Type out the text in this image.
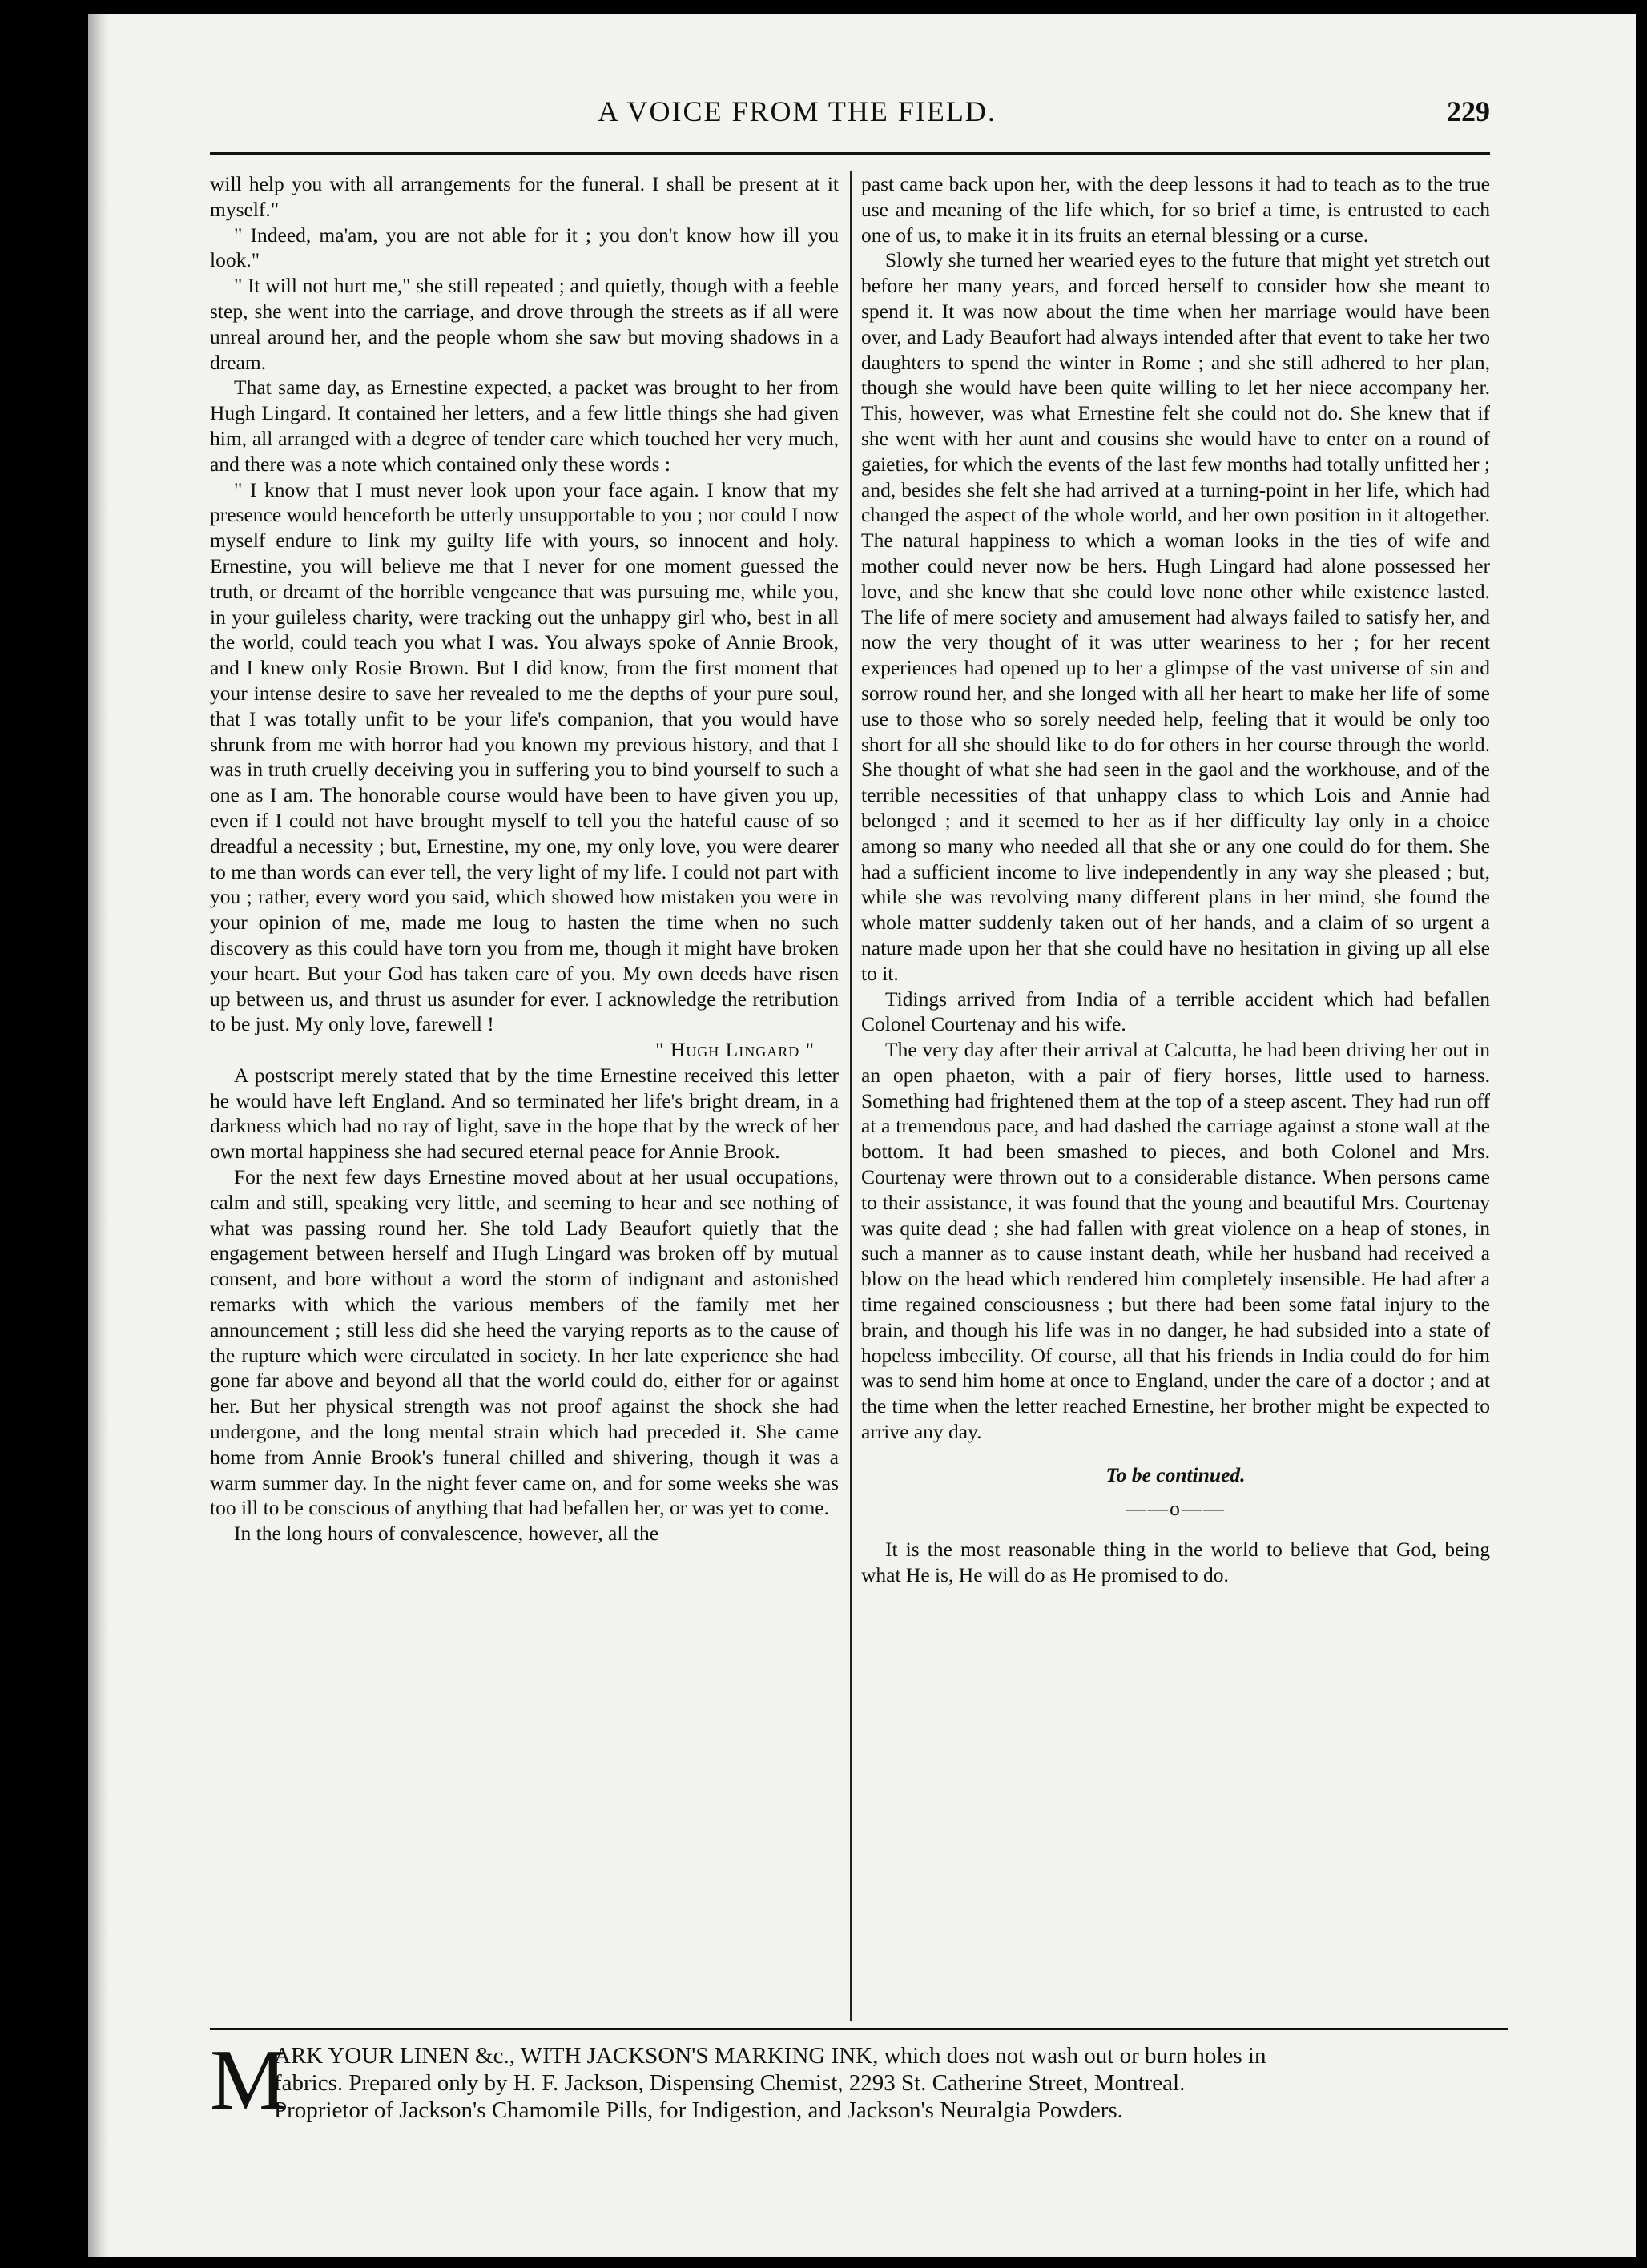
A VOICE FROM THE FIELD.	229

will help you with all arrangements for the funeral. I shall be present at it myself."

" Indeed, ma'am, you are not able for it ; you don't know how ill you look."

" It will not hurt me," she still repeated ; and quietly, though with a feeble step, she went into the carriage, and drove through the streets as if all were unreal around her, and the people whom she saw but moving shadows in a dream.

That same day, as Ernestine expected, a packet was brought to her from Hugh Lingard. It contained her letters, and a few little things she had given him, all arranged with a degree of tender care which touched her very much, and there was a note which contained only these words :

" I know that I must never look upon your face again. I know that my presence would henceforth be utterly unsupportable to you ; nor could I now myself endure to link my guilty life with yours, so innocent and holy. Ernestine, you will believe me that I never for one moment guessed the truth, or dreamt of the horrible vengeance that was pursuing me, while you, in your guileless charity, were tracking out the unhappy girl who, best in all the world, could teach you what I was. You always spoke of Annie Brook, and I knew only Rosie Brown. But I did know, from the first moment that your intense desire to save her revealed to me the depths of your pure soul, that I was totally unfit to be your life's companion, that you would have shrunk from me with horror had you known my previous history, and that I was in truth cruelly deceiving you in suffering you to bind yourself to such a one as I am. The honorable course would have been to have given you up, even if I could not have brought myself to tell you the hateful cause of so dreadful a necessity ; but, Ernestine, my one, my only love, you were dearer to me than words can ever tell, the very light of my life. I could not part with you ; rather, every word you said, which showed how mistaken you were in your opinion of me, made me loug to hasten the time when no such discovery as this could have torn you from me, though it might have broken your heart. But your God has taken care of you. My own deeds have risen up between us, and thrust us asunder for ever. I acknowledge the retribution to be just. My only love, farewell !

" Hugh Lingard "

A postscript merely stated that by the time Ernestine received this letter he would have left England. And so terminated her life's bright dream, in a darkness which had no ray of light, save in the hope that by the wreck of her own mortal happiness she had secured eternal peace for Annie Brook.

For the next few days Ernestine moved about at her usual occupations, calm and still, speaking very little, and seeming to hear and see nothing of what was passing round her. She told Lady Beaufort quietly that the engagement between herself and Hugh Lingard was broken off by mutual consent, and bore without a word the storm of indignant and astonished remarks with which the various members of the family met her announcement ; still less did she heed the varying reports as to the cause of the rupture which were circulated in society. In her late experience she had gone far above and beyond all that the world could do, either for or against her. But her physical strength was not proof against the shock she had undergone, and the long mental strain which had preceded it. She came home from Annie Brook's funeral chilled and shivering, though it was a warm summer day. In the night fever came on, and for some weeks she was too ill to be conscious of anything that had befallen her, or was yet to come.

In the long hours of convalescence, however, all the

past came back upon her, with the deep lessons it had to teach as to the true use and meaning of the life which, for so brief a time, is entrusted to each one of us, to make it in its fruits an eternal blessing or a curse.

Slowly she turned her wearied eyes to the future that might yet stretch out before her many years, and forced herself to consider how she meant to spend it. It was now about the time when her marriage would have been over, and Lady Beaufort had always intended after that event to take her two daughters to spend the winter in Rome ; and she still adhered to her plan, though she would have been quite willing to let her niece accompany her. This, however, was what Ernestine felt she could not do. She knew that if she went with her aunt and cousins she would have to enter on a round of gaieties, for which the events of the last few months had totally unfitted her ; and, besides she felt she had arrived at a turning-point in her life, which had changed the aspect of the whole world, and her own position in it altogether. The natural happiness to which a woman looks in the ties of wife and mother could never now be hers. Hugh Lingard had alone possessed her love, and she knew that she could love none other while existence lasted. The life of mere society and amusement had always failed to satisfy her, and now the very thought of it was utter weariness to her ; for her recent experiences had opened up to her a glimpse of the vast universe of sin and sorrow round her, and she longed with all her heart to make her life of some use to those who so sorely needed help, feeling that it would be only too short for all she should like to do for others in her course through the world. She thought of what she had seen in the gaol and the workhouse, and of the terrible necessities of that unhappy class to which Lois and Annie had belonged ; and it seemed to her as if her difficulty lay only in a choice among so many who needed all that she or any one could do for them. She had a sufficient income to live independently in any way she pleased ; but, while she was revolving many different plans in her mind, she found the whole matter suddenly taken out of her hands, and a claim of so urgent a nature made upon her that she could have no hesitation in giving up all else to it.

Tidings arrived from India of a terrible accident which had befallen Colonel Courtenay and his wife.

The very day after their arrival at Calcutta, he had been driving her out in an open phaeton, with a pair of fiery horses, little used to harness. Something had frightened them at the top of a steep ascent. They had run off at a tremendous pace, and had dashed the carriage against a stone wall at the bottom. It had been smashed to pieces, and both Colonel and Mrs. Courtenay were thrown out to a considerable distance. When persons came to their assistance, it was found that the young and beautiful Mrs. Courtenay was quite dead ; she had fallen with great violence on a heap of stones, in such a manner as to cause instant death, while her husband had received a blow on the head which rendered him completely insensible. He had after a time regained consciousness ; but there had been some fatal injury to the brain, and though his life was in no danger, he had subsided into a state of hopeless imbecility. Of course, all that his friends in India could do for him was to send him home at once to England, under the care of a doctor ; and at the time when the letter reached Ernestine, her brother might be expected to arrive any day.

To be continued.

——o——

It is the most reasonable thing in the world to believe that God, being what He is, He will do as He promised to do.

M
ARK YOUR LINEN &c., WITH JACKSON'S MARKING INK, which does not wash out or burn holes in
fabrics. Prepared only by H. F. Jackson, Dispensing Chemist, 2293 St. Catherine Street, Montreal.
Proprietor of Jackson's Chamomile Pills, for Indigestion, and Jackson's Neuralgia Powders.
